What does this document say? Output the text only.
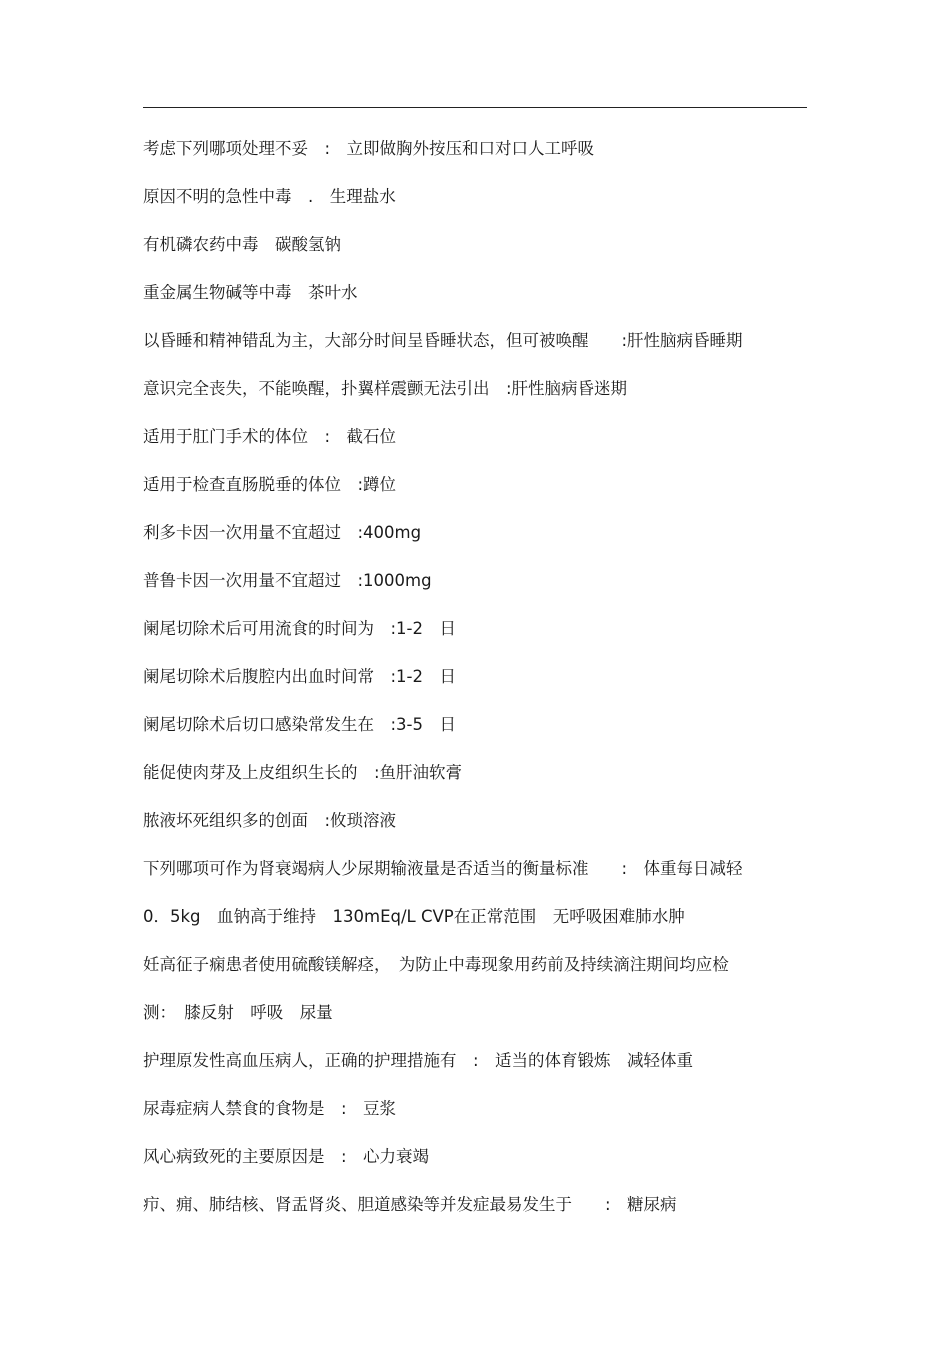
考虑下列哪项处理不妥　:　立即做胸外按压和口对口人工呼吸
原因不明的急性中毒　.　生理盐水
有机磷农药中毒　碳酸氢钠
重金属生物碱等中毒　茶叶水
以昏睡和精神错乱为主，大部分时间呈昏睡状态，但可被唤醒　　:肝性脑病昏睡期
意识完全丧失，不能唤醒，扑翼样震颤无法引出　:肝性脑病昏迷期
适用于肛门手术的体位　:　截石位
适用于检查直肠脱垂的体位　:蹲位
利多卡因一次用量不宜超过　:400mg
普鲁卡因一次用量不宜超过　:1000mg
阑尾切除术后可用流食的时间为　:1-2　日
阑尾切除术后腹腔内出血时间常　:1-2　日
阑尾切除术后切口感染常发生在　:3-5　日
能促使肉芽及上皮组织生长的　:鱼肝油软膏
脓液坏死组织多的创面　:攸琐溶液
下列哪项可作为肾衰竭病人少尿期输液量是否适当的衡量标准　　:　体重每日减轻
0．5kg　血钠高于维持　130mEq/L CVP在正常范围　无呼吸困难肺水肿
妊高征子痫患者使用硫酸镁解痉，　为防止中毒现象用药前及持续滴注期间均应检
测：　膝反射　呼吸　尿量
护理原发性高血压病人，正确的护理措施有　:　适当的体育锻炼　减轻体重
尿毒症病人禁食的食物是　:　豆浆
风心病致死的主要原因是　:　心力衰竭
疖、痈、肺结核、肾盂肾炎、胆道感染等并发症最易发生于　　:　糖尿病
